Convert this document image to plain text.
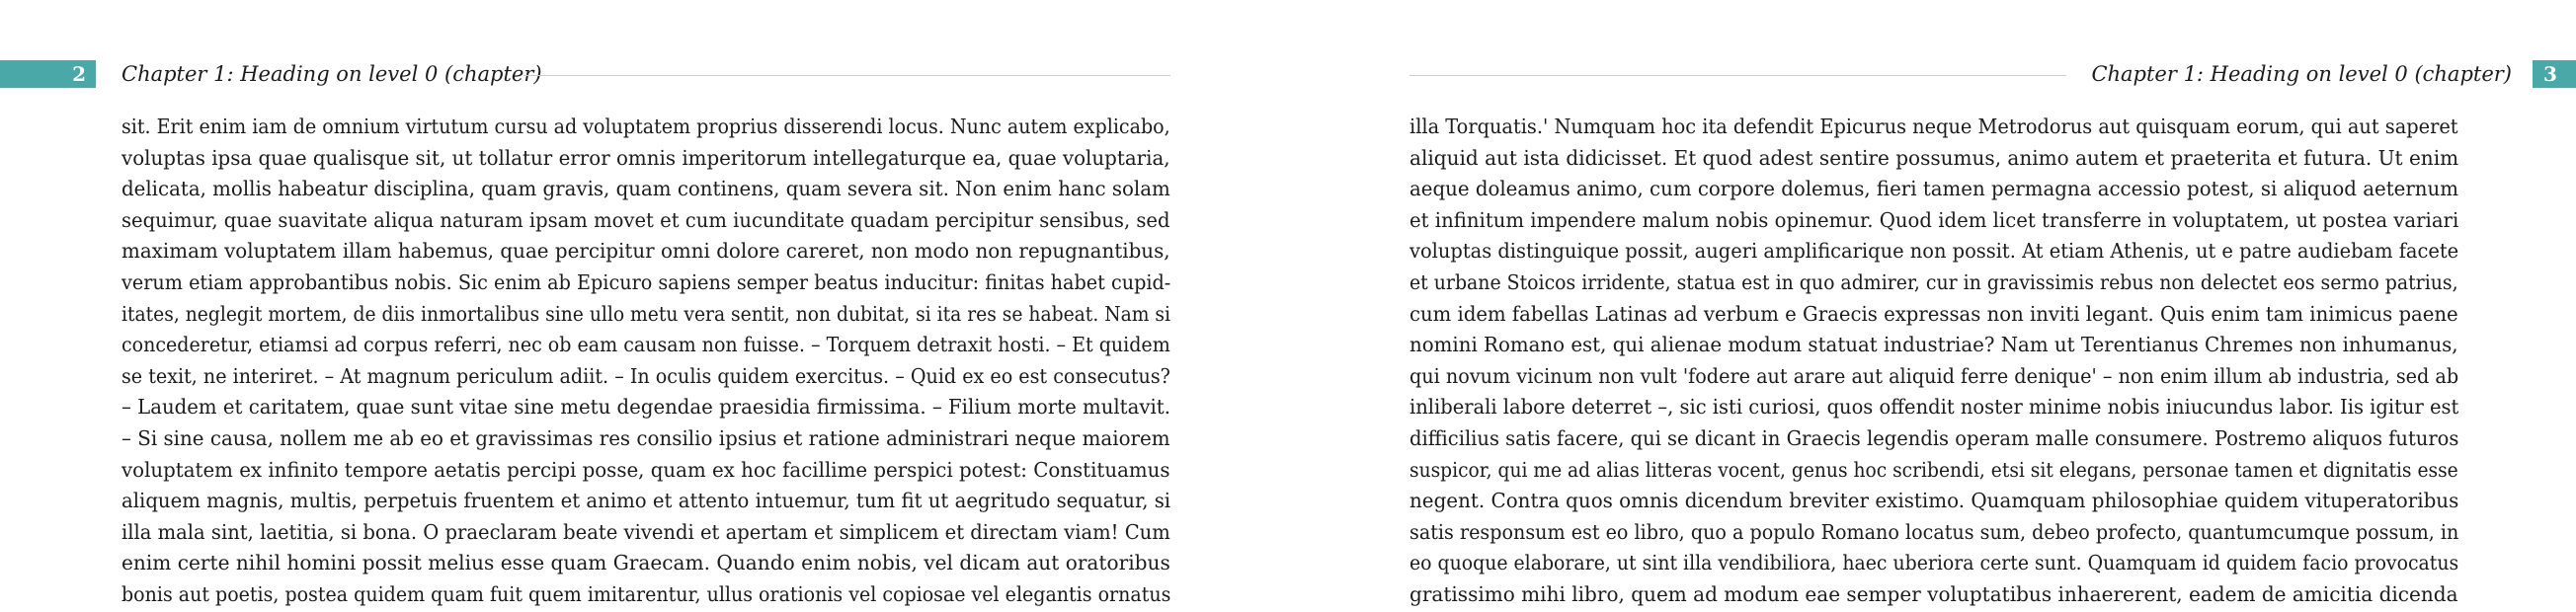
2	Chapter 1: Heading on level 0 (chapter)
sit. Erit enim iam de omnium virtutum cursu ad voluptatem proprius disserendi locus. Nunc autem explicabo,
voluptas ipsa quae qualisque sit, ut tollatur error omnis imperitorum intellegaturque ea, quae voluptaria,
delicata, mollis habeatur disciplina, quam gravis, quam continens, quam severa sit. Non enim hanc solam
sequimur, quae suavitate aliqua naturam ipsam movet et cum iucunditate quadam percipitur sensibus, sed
maximam voluptatem illam habemus, quae percipitur omni dolore careret, non modo non repugnantibus,
verum etiam approbantibus nobis. Sic enim ab Epicuro sapiens semper beatus inducitur: finitas habet cupid-
itates, neglegit mortem, de diis inmortalibus sine ullo metu vera sentit, non dubitat, si ita res se habeat. Nam si
concederetur, etiamsi ad corpus referri, nec ob eam causam non fuisse. – Torquem detraxit hosti. – Et quidem
se texit, ne interiret. – At magnum periculum adiit. – In oculis quidem exercitus. – Quid ex eo est consecutus?
– Laudem et caritatem, quae sunt vitae sine metu degendae praesidia firmissima. – Filium morte multavit.
– Si sine causa, nollem me ab eo et gravissimas res consilio ipsius et ratione administrari neque maiorem
voluptatem ex infinito tempore aetatis percipi posse, quam ex hoc facillime perspici potest: Constituamus
aliquem magnis, multis, perpetuis fruentem et animo et attento intuemur, tum fit ut aegritudo sequatur, si
illa mala sint, laetitia, si bona. O praeclaram beate vivendi et apertam et simplicem et directam viam! Cum
enim certe nihil homini possit melius esse quam Graecam. Quando enim nobis, vel dicam aut oratoribus
bonis aut poetis, postea quidem quam fuit quem imitarentur, ullus orationis vel copiosae vel elegantis ornatus
Chapter 1: Heading on level 0 (chapter)	3
illa Torquatis.' Numquam hoc ita defendit Epicurus neque Metrodorus aut quisquam eorum, qui aut saperet
aliquid aut ista didicisset. Et quod adest sentire possumus, animo autem et praeterita et futura. Ut enim
aeque doleamus animo, cum corpore dolemus, fieri tamen permagna accessio potest, si aliquod aeternum
et infinitum impendere malum nobis opinemur. Quod idem licet transferre in voluptatem, ut postea variari
voluptas distinguique possit, augeri amplificarique non possit. At etiam Athenis, ut e patre audiebam facete
et urbane Stoicos irridente, statua est in quo admirer, cur in gravissimis rebus non delectet eos sermo patrius,
cum idem fabellas Latinas ad verbum e Graecis expressas non inviti legant. Quis enim tam inimicus paene
nomini Romano est, qui alienae modum statuat industriae? Nam ut Terentianus Chremes non inhumanus,
qui novum vicinum non vult 'fodere aut arare aut aliquid ferre denique' – non enim illum ab industria, sed ab
inliberali labore deterret –, sic isti curiosi, quos offendit noster minime nobis iniucundus labor. Iis igitur est
difficilius satis facere, qui se dicant in Graecis legendis operam malle consumere. Postremo aliquos futuros
suspicor, qui me ad alias litteras vocent, genus hoc scribendi, etsi sit elegans, personae tamen et dignitatis esse
negent. Contra quos omnis dicendum breviter existimo. Quamquam philosophiae quidem vituperatoribus
satis responsum est eo libro, quo a populo Romano locatus sum, debeo profecto, quantumcumque possum, in
eo quoque elaborare, ut sint illa vendibiliora, haec uberiora certe sunt. Quamquam id quidem facio provocatus
gratissimo mihi libro, quem ad modum eae semper voluptatibus inhaererent, eadem de amicitia dicenda
